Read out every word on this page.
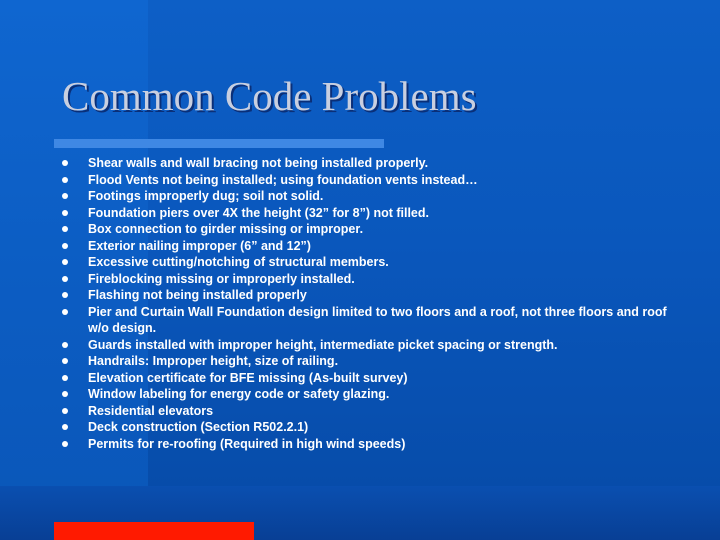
Common Code Problems
Shear walls and wall bracing not being installed properly.
Flood Vents not being installed; using foundation vents instead…
Footings improperly dug; soil not solid.
Foundation piers over 4X the height (32” for 8”) not filled.
Box connection to girder missing or improper.
Exterior nailing improper (6” and 12”)
Excessive cutting/notching of structural members.
Fireblocking missing or improperly installed.
Flashing not being installed properly
Pier and Curtain Wall Foundation design limited to two floors and a roof, not three floors and roof w/o design.
Guards installed with improper height, intermediate picket spacing or strength.
Handrails: Improper height, size of railing.
Elevation certificate for BFE missing (As-built survey)
Window labeling for energy code or safety glazing.
Residential elevators
Deck construction (Section R502.2.1)
Permits for re-roofing (Required in high wind speeds)
